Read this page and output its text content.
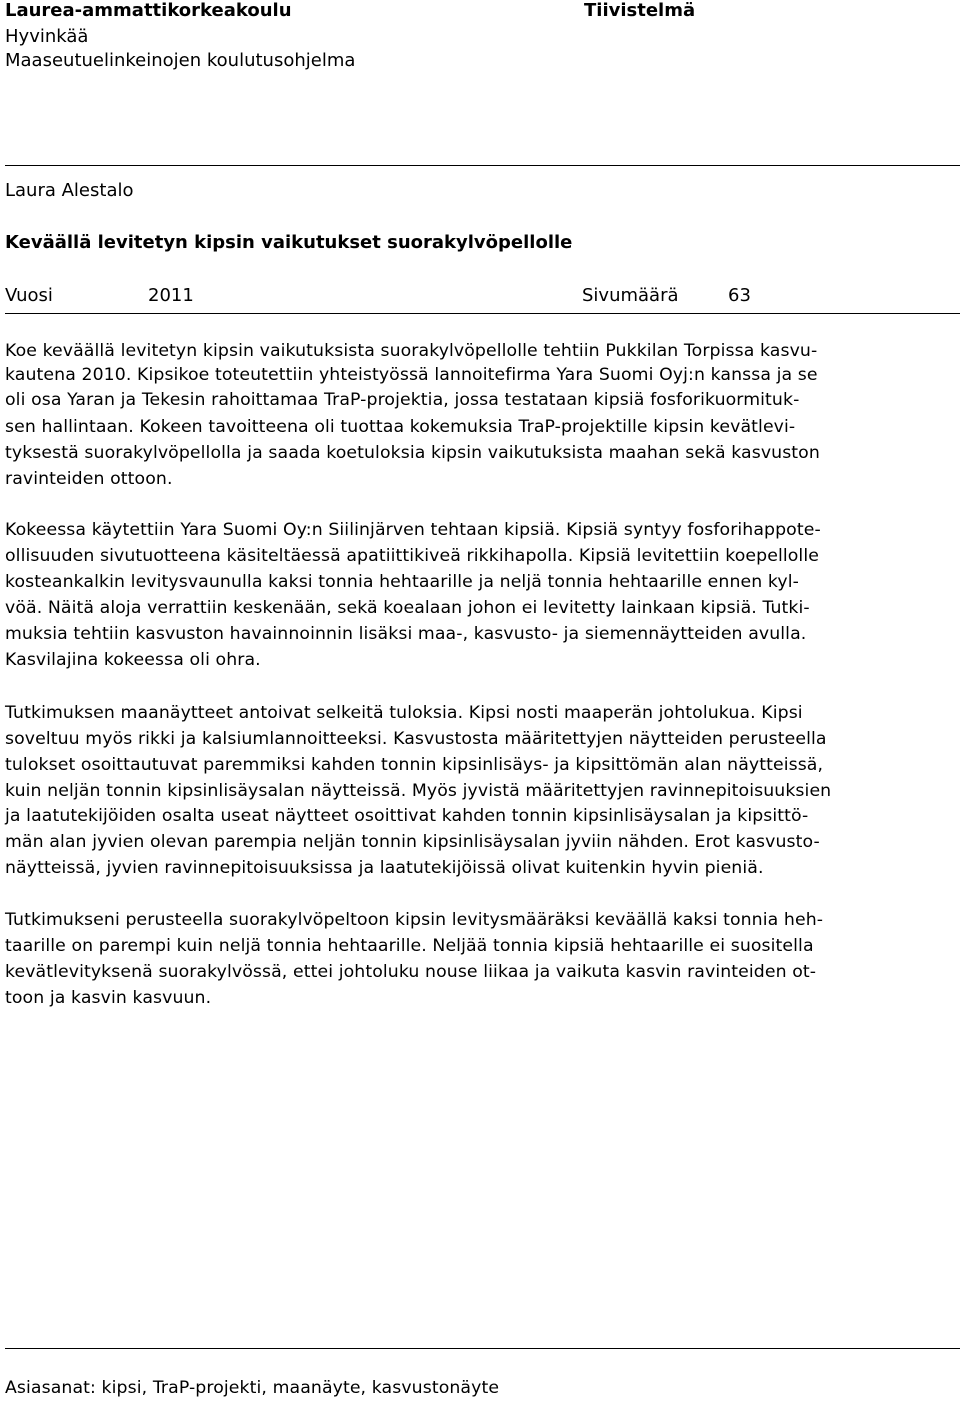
Laurea-ammattikorkeakoulu	Tiivistelmä
Hyvinkää
Maaseutuelinkeinojen koulutusohjelma
Laura Alestalo
Keväällä levitetyn kipsin vaikutukset suorakylvöpellolle
Vuosi	2011	Sivumäärä	63
Koe keväällä levitetyn kipsin vaikutuksista suorakylvöpellolle tehtiin Pukkilan Torpissa kasvu-
kautena 2010. Kipsikoe toteutettiin yhteistyössä lannoitefirma Yara Suomi Oyj:n kanssa ja se
oli osa Yaran ja Tekesin rahoittamaa TraP-projektia, jossa testataan kipsiä fosforikuormituk-
sen hallintaan. Kokeen tavoitteena oli tuottaa kokemuksia TraP-projektille kipsin kevätlevi-
tyksestä suorakylvöpellolla ja saada koetuloksia kipsin vaikutuksista maahan sekä kasvuston
ravinteiden ottoon.
Kokeessa käytettiin Yara Suomi Oy:n Siilinjärven tehtaan kipsiä. Kipsiä syntyy fosforihappote-
ollisuuden sivutuotteena käsiteltäessä apatiittikiveä rikkihapolla. Kipsiä levitettiin koepellolle
kosteankalkin levitysvaunulla kaksi tonnia hehtaarille ja neljä tonnia hehtaarille ennen kyl-
vöä. Näitä aloja verrattiin keskenään, sekä koealaan johon ei levitetty lainkaan kipsiä. Tutki-
muksia tehtiin kasvuston havainnoinnin lisäksi maa-, kasvusto- ja siemennäytteiden avulla.
Kasvilajina kokeessa oli ohra.
Tutkimuksen maanäytteet antoivat selkeitä tuloksia. Kipsi nosti maaperän johtolukua. Kipsi
soveltuu myös rikki ja kalsiumlannoitteeksi. Kasvustosta määritettyjen näytteiden perusteella
tulokset osoittautuvat paremmiksi kahden tonnin kipsinlisäys- ja kipsittömän alan näytteissä,
kuin neljän tonnin kipsinlisäysalan näytteissä. Myös jyvistä määritettyjen ravinnepitoisuuksien
ja laatutekijöiden osalta useat näytteet osoittivat kahden tonnin kipsinlisäysalan ja kipsittö-
män alan jyvien olevan parempia neljän tonnin kipsinlisäysalan jyviin nähden. Erot kasvusto-
näytteissä, jyvien ravinnepitoisuuksissa ja laatutekijöissä olivat kuitenkin hyvin pieniä.
Tutkimukseni perusteella suorakylvöpeltoon kipsin levitysmääräksi keväällä kaksi tonnia heh-
taarille on parempi kuin neljä tonnia hehtaarille. Neljää tonnia kipsiä hehtaarille ei suositella
kevätlevityksenä suorakylvössä, ettei johtoluku nouse liikaa ja vaikuta kasvin ravinteiden ot-
toon ja kasvin kasvuun.
Asiasanat: kipsi, TraP-projekti, maanäyte, kasvustonäyte
